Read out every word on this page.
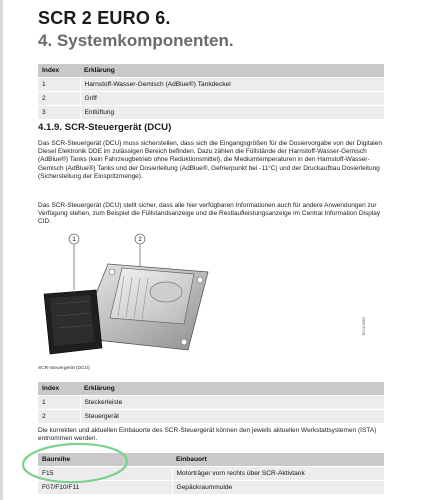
SCR 2 EURO 6.
4. Systemkomponenten.
Index	Erklärung
1	Harnstoff-Wasser-Gemisch (AdBlue®) Tankdeckel
2	Griff
3	Entlüftung
4.1.9. SCR-Steuergerät (DCU)
Das SCR-Steuergerät (DCU) muss sicherstellen, dass sich die Eingangsgrößen für die Dosiervorgabe von der Digitalen Diesel Elektronik DDE im zulässigen Bereich befinden. Dazu zählen die Füllstände der Harnstoff-Wasser-Gemisch (AdBlue®) Tanks (kein Fahrzeugbetrieb ohne Reduktionsmittel), die Mediumtemperaturen in den Harnstoff-Wasser-Gemisch (AdBlue®) Tanks und der Dosierleitung (AdBlue®, Gefrierpunkt bei -11°C) und der Druckaufbau Dosierleitung (Sicherstellung der Einspritzmenge).
Das SCR-Steuergerät (DCU) stellt sicher, dass alle hier verfügbaren Informationen auch für andere Anwendungen zur Verfügung stehen, zum Beispiel die Füllstandsanzeige und die Restlaufleistungsanzeige im Central Information Display CID.
1	2
TE13-0863
SCR-Steuergerät (DCU)
Index	Erklärung
1	Steckerleiste
2	Steuergerät
Die korrekten und aktuellen Einbauorte des SCR-Steuergerät können den jeweils aktuellen Werkstattsystemen (ISTA) entnommen werden.
Baureihe	Einbauort
F15	Motorträger vorn rechts über SCR-Aktivtank
F07/F10/F11	Gepäckraummulde
